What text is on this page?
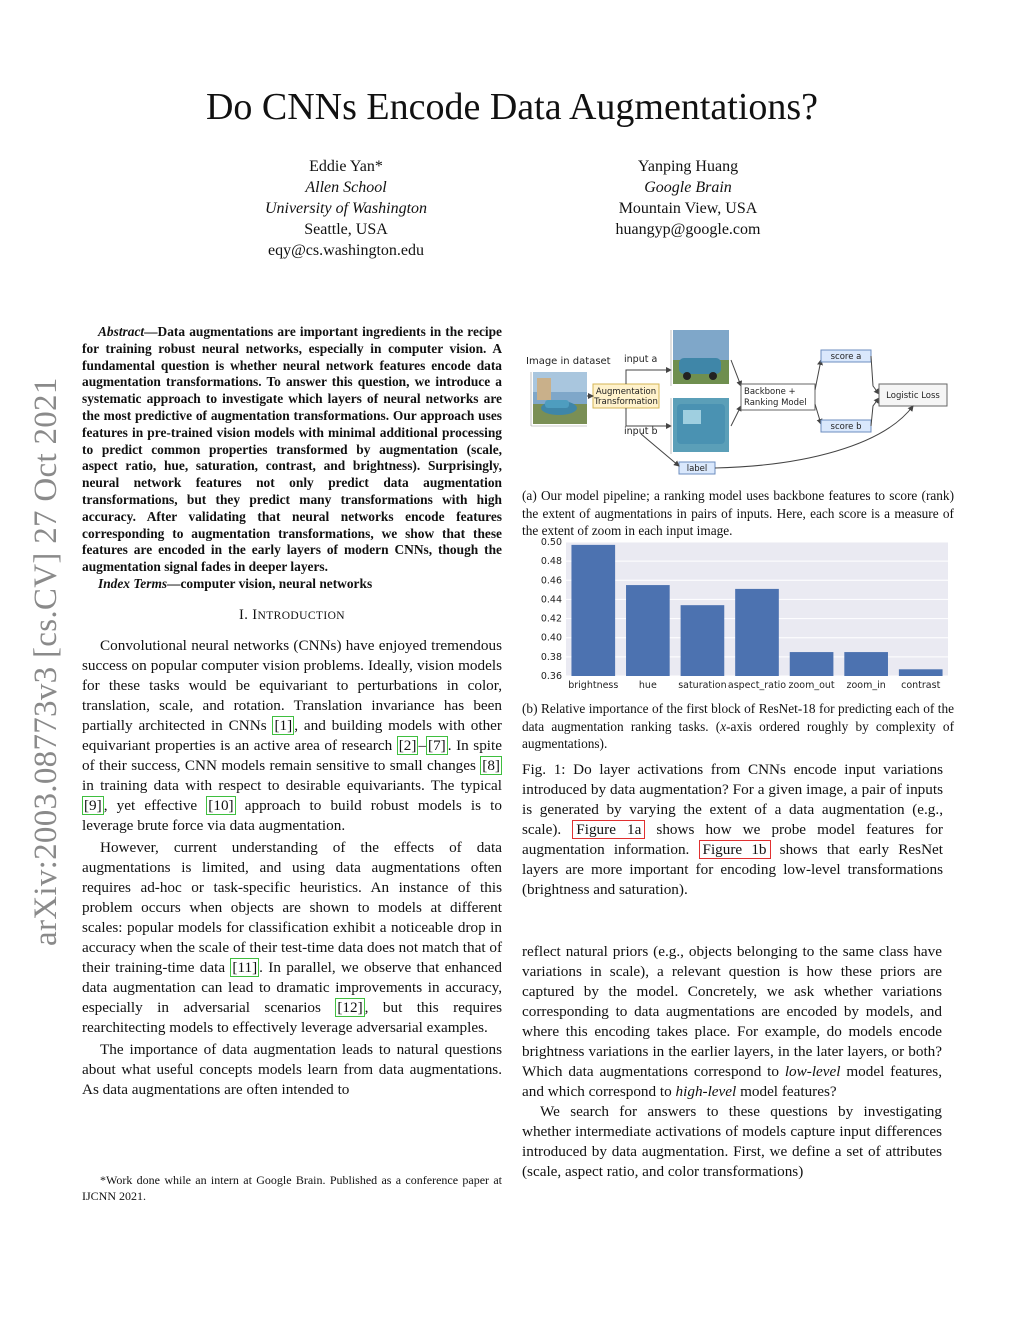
Do CNNs Encode Data Augmentations?
Eddie Yan*
Allen School
University of Washington
Seattle, USA
eqy@cs.washington.edu
Yanping Huang
Google Brain
Mountain View, USA
huangyp@google.com
arXiv:2003.08773v3 [cs.CV] 27 Oct 2021

Abstract—Data augmentations are important ingredients in the recipe for training robust neural networks, especially in computer vision. A fundamental question is whether neural network features encode data augmentation transformations. To answer this question, we introduce a systematic approach to investigate which layers of neural networks are the most predictive of augmentation transformations. Our approach uses features in pre-trained vision models with minimal additional processing to predict common properties transformed by augmentation (scale, aspect ratio, hue, saturation, contrast, and brightness). Surprisingly, neural network features not only predict data augmentation transformations, but they predict many transformations with high accuracy. After validating that neural networks encode features corresponding to augmentation transformations, we show that these features are encoded in the early layers of modern CNNs, though the augmentation signal fades in deeper layers.

Index Terms—computer vision, neural networks

I. INTRODUCTION

Convolutional neural networks (CNNs) have enjoyed tremendous success on popular computer vision problems. Ideally, vision models for these tasks would be equivariant to perturbations in color, translation, scale, and rotation. Translation invariance has been partially architected in CNNs [1] , and building models with other equivariant properties is an active area of research [2] – [7] . In spite of their success, CNN models remain sensitive to small changes [8] in training data with respect to desirable equivariants. The typical [9] , yet effective [10] approach to build robust models is to leverage brute force via data augmentation.

However, current understanding of the effects of data augmentations is limited, and using data augmentations often requires ad-hoc or task-specific heuristics. An instance of this problem occurs when objects are shown to models at different scales: popular models for classification exhibit a noticeable drop in accuracy when the scale of their test-time data does not match that of their training-time data [11] . In parallel, we observe that enhanced data augmentation can lead to dramatic improvements in accuracy, especially in adversarial scenarios [12] , but this requires rearchitecting models to effectively leverage adversarial examples.

The importance of data augmentation leads to natural questions about what useful concepts models learn from data augmentations. As data augmentations are often intended to

*Work done while an intern at Google Brain. Published as a conference paper at IJCNN 2021.
Image in dataset
Augmentation
Transformation
input a
input b
Backbone +
Ranking Model
score a
score b
Logistic Loss
label
(a) Our model pipeline; a ranking model uses backbone features to score (rank) the extent of augmentations in pairs of inputs. Here, each score is a measure of the extent of zoom in each input image.
0.36
0.38
0.40
0.42
0.44
0.46
0.48
0.50
brightness hue saturation aspect_ratio zoom_out zoom_in contrast
(b) Relative importance of the first block of ResNet-18 for predicting each of the data augmentation ranking tasks. (x-axis ordered roughly by complexity of augmentations).
Fig. 1: Do layer activations from CNNs encode input variations introduced by data augmentation? For a given image, a pair of inputs is generated by varying the extent of a data augmentation (e.g., scale). Figure 1a shows how we probe model features for augmentation information. Figure 1b shows that early ResNet layers are more important for encoding low-level transformations (brightness and saturation).

reflect natural priors (e.g., objects belonging to the same class have variations in scale), a relevant question is how these priors are captured by the model. Concretely, we ask whether variations corresponding to data augmentations are encoded by models, and where this encoding takes place. For example, do models encode brightness variations in the earlier layers, in the later layers, or both? Which data augmentations correspond to low-level model features, and which correspond to high-level model features?

We search for answers to these questions by investigating whether intermediate activations of models capture input differences introduced by data augmentation. First, we define a set of attributes (scale, aspect ratio, and color transformations)
